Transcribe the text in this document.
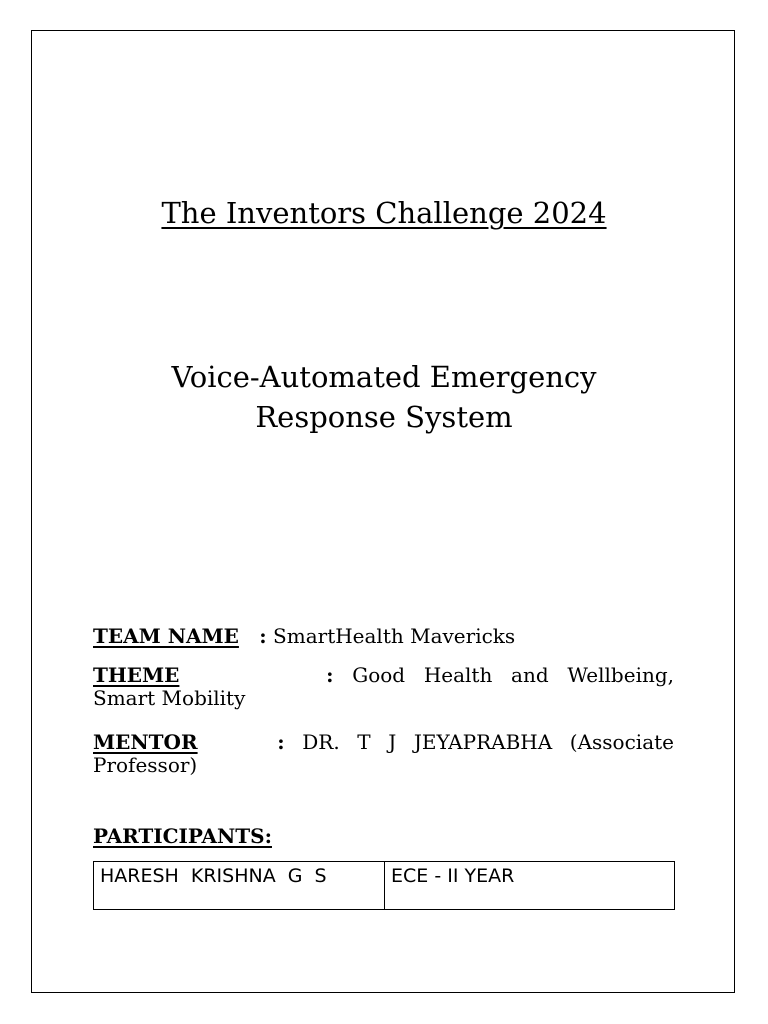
The Inventors Challenge 2024
Voice-Automated Emergency
Response System
TEAM NAME : SmartHealth Mavericks
THEME	: Good Health and Wellbeing, Smart Mobility
MENTOR	: DR. T J JEYAPRABHA (Associate Professor)
PARTICIPANTS:
HARESH KRISHNA G S	ECE - II YEAR
